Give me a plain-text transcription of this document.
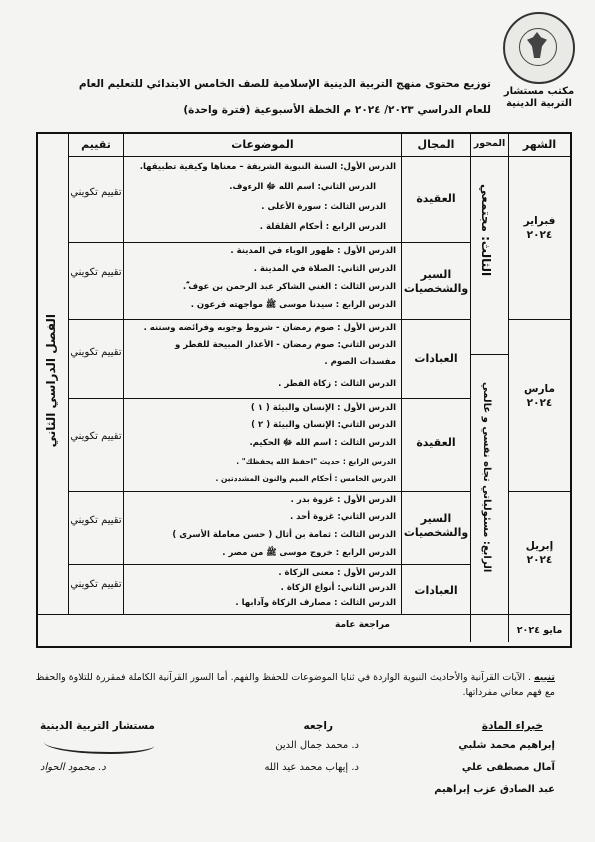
مكتب مستشار التربية الدينية
توزيع محتوى منهج التربية الدينية الإسلامية للصف الخامس الابتدائي للتعليم العام
للعام الدراسي ٢٠٢٣/ ٢٠٢٤ م الخطة الأسبوعية (فترة واحدة)
الشهر
المحور
المجال
الموضوعات
تقييم
الفصل الدراسي الثاني
الثالث: مجتمعي
الرابع: مسئولياتي تجاه نفسي و عالمي
فبراير
٢٠٢٤
مارس
٢٠٢٤
إبريل
٢٠٢٤
مايو ٢٠٢٤
العقيدة
تقييم تكويني
الدرس الأول: السنة النبوية الشريفة – معناها وكيفية تطبيقها.
الدرس الثاني: اسم الله ﷻ الرءوف.
الدرس الثالث : سورة الأعلى .
الدرس الرابع : أحكام القلقلة .
السير والشخصيات
تقييم تكويني
الدرس الأول : ظهور الوباء في المدينة .
الدرس الثاني: الصلاة في المدينة .
الدرس الثالث : الغني الشاكر عبد الرحمن بن عوف ؓ.
الدرس الرابع : سيدنا موسى ﷺ مواجهته فرعون .
العبادات
تقييم تكويني
الدرس الأول : صوم رمضان - شروط وجوبه وفرائضه وسننه .
الدرس الثاني: صوم رمضان - الأعذار المبيحة للفطر و
مفسدات الصوم .
الدرس الثالث : زكاة الفطر .
العقيدة
تقييم تكويني
الدرس الأول : الإنسان والبيئة ( ١ )
الدرس الثاني: الإنسان والبيئة ( ٢ )
الدرس الثالث : اسم الله ﷻ الحكيم.
الدرس الرابع : حديث "احفظ الله يحفظك" .
الدرس الخامس : أحكام الميم والنون المشددتين .
السير والشخصيات
تقييم تكويني
الدرس الأول : غزوة بدر .
الدرس الثاني: غزوة أحد .
الدرس الثالث : ثمامة بن أثال ( حسن معاملة الأسرى )
الدرس الرابع : خروج موسى ﷺ من مصر .
العبادات
تقييم تكويني
الدرس الأول : معنى الزكاة .
الدرس الثاني: أنواع الزكاة .
الدرس الثالث : مصارف الزكاة وآدابها .
مراجعة عامة
تنبيه . الآيات القرآنية والأحاديث النبوية الواردة في ثنايا الموضوعات للحفظ والفهم. أما السور القرآنية الكاملة فمقررة للتلاوة والحفظ مع فهم معاني مفرداتها.
خبراء المادة
إبراهيم محمد شلبي
آمال مصطفى علي
عبد الصادق عزب إبراهيم
راجعه
د. محمد جمال الدين
د. إيهاب محمد عيد الله
مستشار التربية الدينية
د. محمود الحواد
